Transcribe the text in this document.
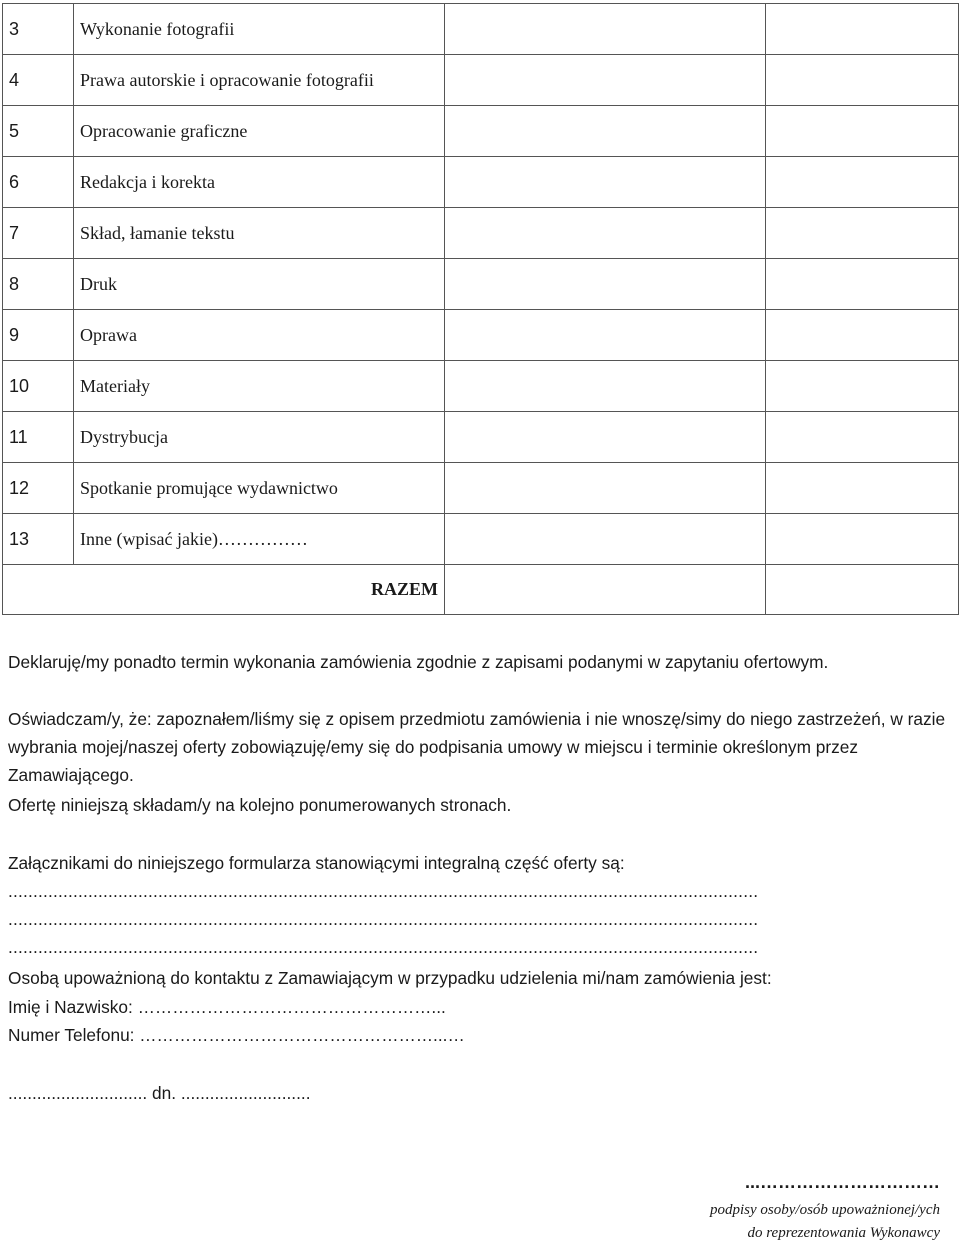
3	Wykonanie fotografii		
4	Prawa autorskie i opracowanie fotografii		
5	Opracowanie graficzne		
6	Redakcja i korekta		
7	Skład, łamanie tekstu		
8	Druk		
9	Oprawa		
10	Materiały		
11	Dystrybucja		
12	Spotkanie promujące wydawnictwo		
13	Inne (wpisać jakie)……………		
RAZEM			

Deklaruję/my ponadto termin wykonania zamówienia zgodnie z zapisami podanymi w zapytaniu ofertowym.

Oświadczam/y, że: zapoznałem/liśmy się z opisem przedmiotu zamówienia i nie wnoszę/simy do niego zastrzeżeń, w razie wybrania mojej/naszej oferty zobowiązuję/emy się do podpisania umowy w miejscu i terminie określonym przez Zamawiającego.

Ofertę niniejszą składam/y na kolejno ponumerowanych stronach.

Załącznikami do niniejszego formularza stanowiącymi integralną część oferty są:

......................................................................................................................................................
......................................................................................................................................................
......................................................................................................................................................

Osobą upoważnioną do kontaktu z Zamawiającym w przypadku udzielenia mi/nam zamówienia jest:

Imię i Nazwisko: ……………………………………………...

Numer Telefonu: ……………………………………………...…

............................. dn. ...........................

...…………………………
podpisy osoby/osób upoważnionej/ych
do reprezentowania Wykonawcy
